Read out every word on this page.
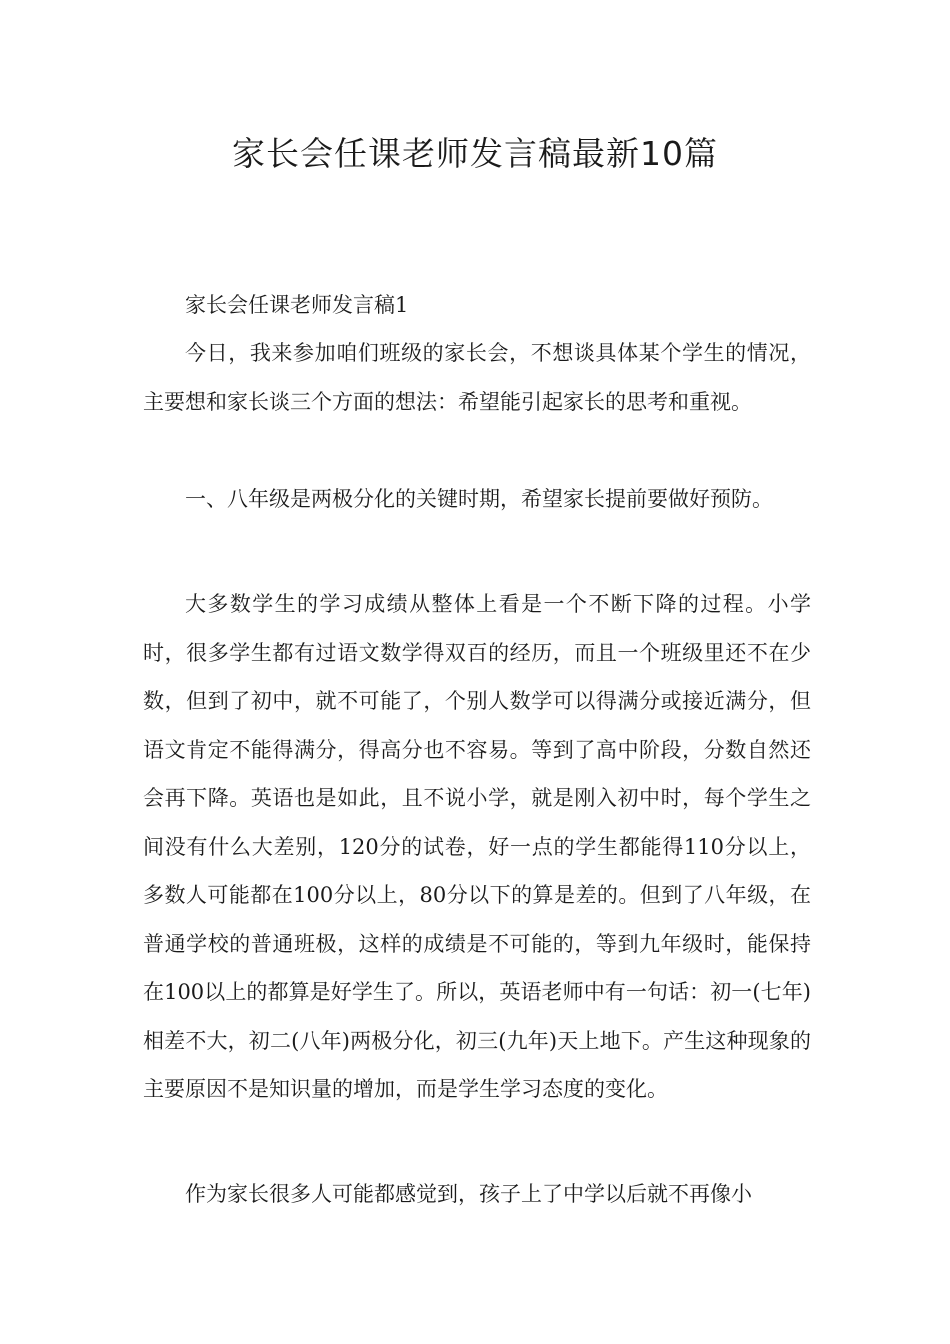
家长会任课老师发言稿最新10篇

家长会任课老师发言稿1

今日，我来参加咱们班级的家长会，不想谈具体某个学生的情况，主要想和家长谈三个方面的想法：希望能引起家长的思考和重视。

一、八年级是两极分化的关键时期，希望家长提前要做好预防。

大多数学生的学习成绩从整体上看是一个不断下降的过程。小学时，很多学生都有过语文数学得双百的经历，而且一个班级里还不在少数，但到了初中，就不可能了，个别人数学可以得满分或接近满分，但语文肯定不能得满分，得高分也不容易。等到了高中阶段，分数自然还会再下降。英语也是如此，且不说小学，就是刚入初中时，每个学生之间没有什么大差别，120分的试卷，好一点的学生都能得110分以上，多数人可能都在100分以上，80分以下的算是差的。但到了八年级，在普通学校的普通班极，这样的成绩是不可能的，等到九年级时，能保持在100以上的都算是好学生了。所以，英语老师中有一句话：初一(七年)相差不大，初二(八年)两极分化，初三(九年)天上地下。产生这种现象的主要原因不是知识量的增加，而是学生学习态度的变化。

作为家长很多人可能都感觉到，孩子上了中学以后就不再像小
